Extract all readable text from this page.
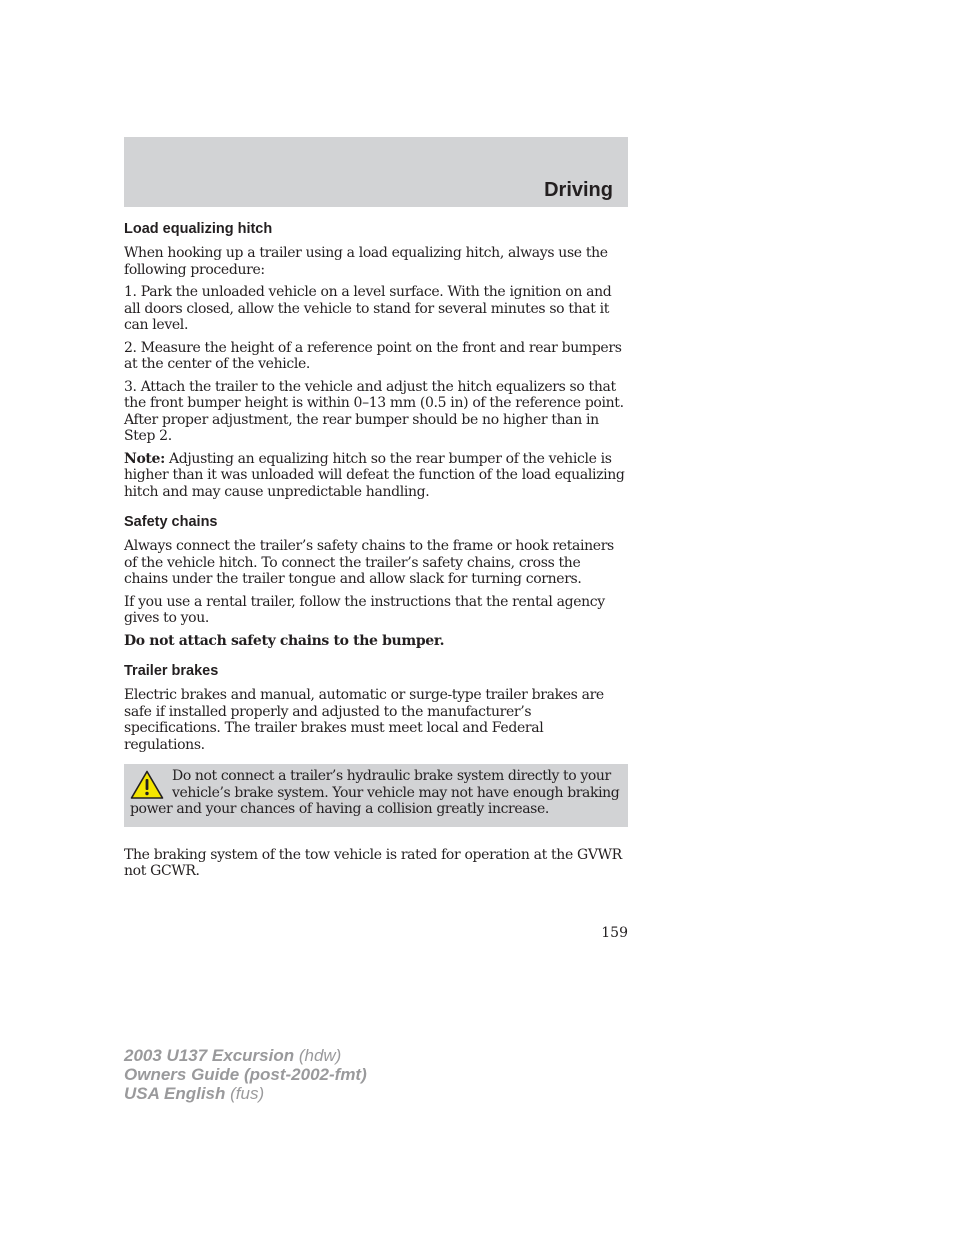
Driving
Load equalizing hitch

When hooking up a trailer using a load equalizing hitch, always use the following procedure:

1. Park the unloaded vehicle on a level surface. With the ignition on and all doors closed, allow the vehicle to stand for several minutes so that it can level.

2. Measure the height of a reference point on the front and rear bumpers at the center of the vehicle.

3. Attach the trailer to the vehicle and adjust the hitch equalizers so that the front bumper height is within 0–13 mm (0.5 in) of the reference point. After proper adjustment, the rear bumper should be no higher than in Step 2.

Note: Adjusting an equalizing hitch so the rear bumper of the vehicle is higher than it was unloaded will defeat the function of the load equalizing hitch and may cause unpredictable handling.

Safety chains

Always connect the trailer’s safety chains to the frame or hook retainers of the vehicle hitch. To connect the trailer’s safety chains, cross the chains under the trailer tongue and allow slack for turning corners.

If you use a rental trailer, follow the instructions that the rental agency gives to you.

Do not attach safety chains to the bumper.

Trailer brakes

Electric brakes and manual, automatic or surge-type trailer brakes are safe if installed properly and adjusted to the manufacturer’s specifications. The trailer brakes must meet local and Federal regulations.

Do not connect a trailer’s hydraulic brake system directly to your vehicle’s brake system. Your vehicle may not have enough braking power and your chances of having a collision greatly increase.

The braking system of the tow vehicle is rated for operation at the GVWR not GCWR.

159
2003 U137 Excursion (hdw)
Owners Guide (post-2002-fmt)
USA English (fus)
